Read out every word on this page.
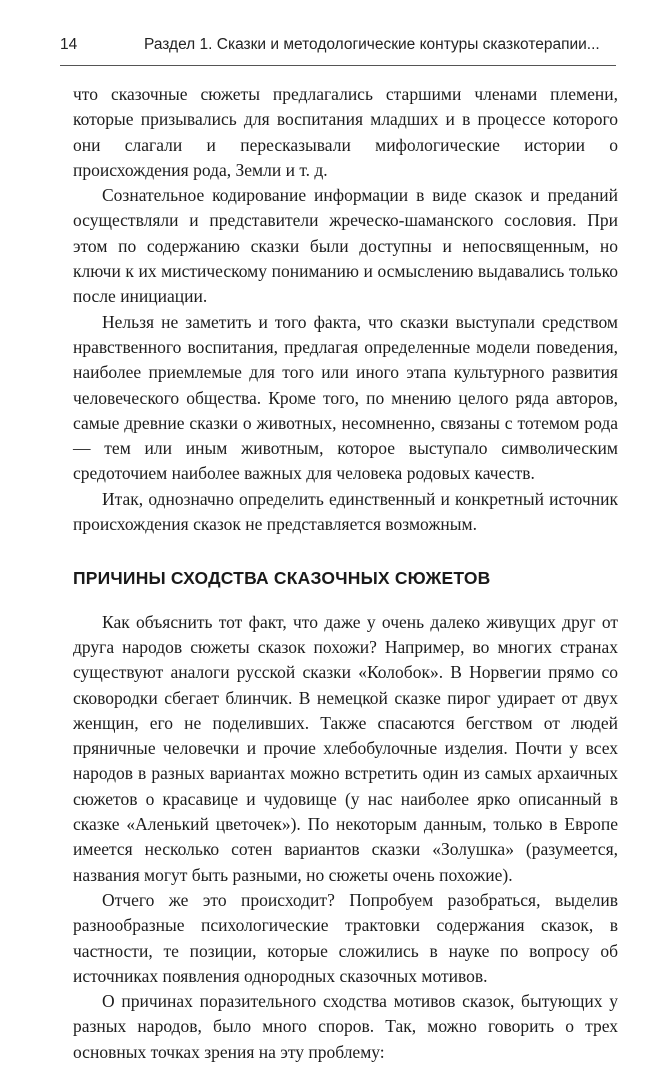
14	Раздел 1. Сказки и методологические контуры сказкотерапии...

что сказочные сюжеты предлагались старшими членами племени, которые призывались для воспитания младших и в процессе которого они слагали и пересказывали мифологические истории о происхождения рода, Земли и т. д.

Сознательное кодирование информации в виде сказок и преданий осуществляли и представители жреческо-шаманского сословия. При этом по содержанию сказки были доступны и непосвященным, но ключи к их мистическому пониманию и осмыслению выдавались только после инициации.

Нельзя не заметить и того факта, что сказки выступали средством нравственного воспитания, предлагая определенные модели поведения, наиболее приемлемые для того или иного этапа культурного развития человеческого общества. Кроме того, по мнению целого ряда авторов, самые древние сказки о животных, несомненно, связаны с тотемом рода — тем или иным животным, которое выступало символическим средоточием наиболее важных для человека родовых качеств.

Итак, однозначно определить единственный и конкретный источник происхождения сказок не представляется возможным.

ПРИЧИНЫ СХОДСТВА СКАЗОЧНЫХ СЮЖЕТОВ

Как объяснить тот факт, что даже у очень далеко живущих друг от друга народов сюжеты сказок похожи? Например, во многих странах существуют аналоги русской сказки «Колобок». В Норвегии прямо со сковородки сбегает блинчик. В немецкой сказке пирог удирает от двух женщин, его не поделивших. Также спасаются бегством от людей пряничные человечки и прочие хлебобулочные изделия. Почти у всех народов в разных вариантах можно встретить один из самых архаичных сюжетов о красавице и чудовище (у нас наиболее ярко описанный в сказке «Аленький цветочек»). По некоторым данным, только в Европе имеется несколько сотен вариантов сказки «Золушка» (разумеется, названия могут быть разными, но сюжеты очень похожие).

Отчего же это происходит? Попробуем разобраться, выделив разнообразные психологические трактовки содержания сказок, в частности, те позиции, которые сложились в науке по вопросу об источниках появления однородных сказочных мотивов.

О причинах поразительного сходства мотивов сказок, бытующих у разных народов, было много споров. Так, можно говорить о трех основных точках зрения на эту проблему:
